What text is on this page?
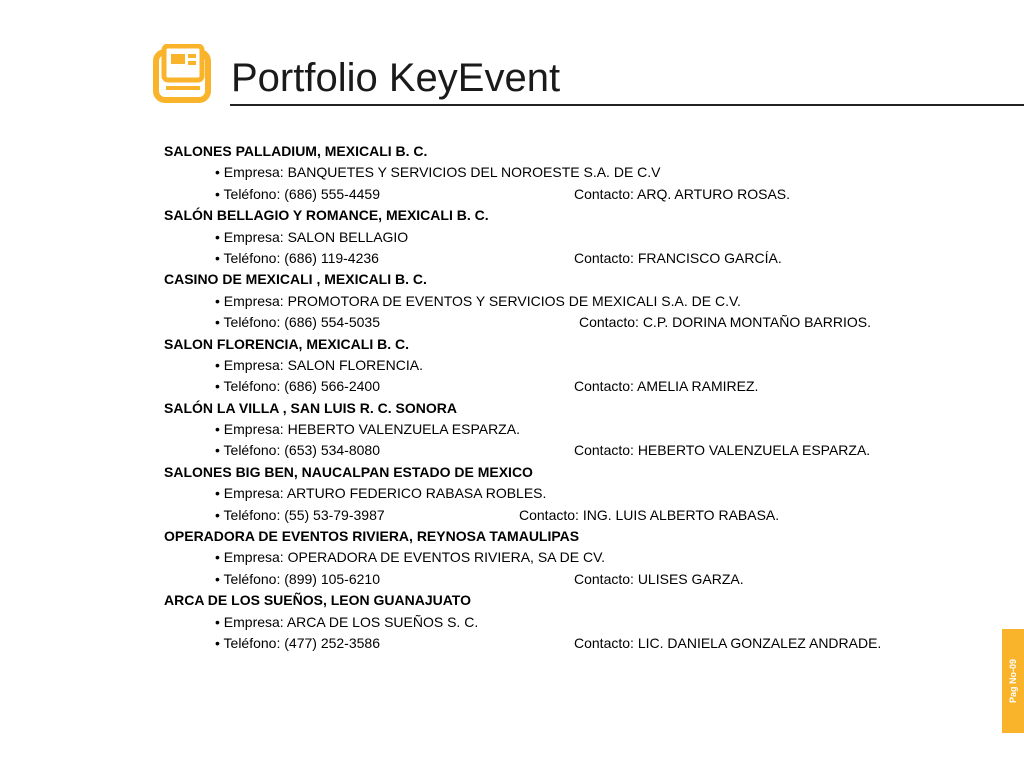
Portfolio KeyEvent
SALONES PALLADIUM, MEXICALI B. C.
• Empresa: BANQUETES Y SERVICIOS DEL NOROESTE S.A. DE C.V
• Teléfono: (686) 555-4459	Contacto: ARQ. ARTURO ROSAS.
SALÓN BELLAGIO Y ROMANCE, MEXICALI B. C.
• Empresa: SALON BELLAGIO
• Teléfono: (686) 119-4236	Contacto: FRANCISCO GARCÍA.
CASINO DE MEXICALI , MEXICALI B. C.
• Empresa: PROMOTORA DE EVENTOS Y SERVICIOS DE MEXICALI S.A. DE C.V.
• Teléfono: (686) 554-5035	Contacto: C.P. DORINA MONTAÑO BARRIOS.
SALON FLORENCIA, MEXICALI B. C.
• Empresa: SALON FLORENCIA.
• Teléfono: (686) 566-2400	Contacto: AMELIA RAMIREZ.
SALÓN LA VILLA , SAN LUIS R. C. SONORA
• Empresa: HEBERTO VALENZUELA ESPARZA.
• Teléfono: (653) 534-8080	Contacto: HEBERTO VALENZUELA ESPARZA.
SALONES BIG BEN, NAUCALPAN ESTADO DE MEXICO
• Empresa: ARTURO FEDERICO RABASA ROBLES.
• Teléfono: (55) 53-79-3987	Contacto: ING. LUIS ALBERTO RABASA.
OPERADORA DE EVENTOS RIVIERA, REYNOSA TAMAULIPAS
• Empresa: OPERADORA DE EVENTOS RIVIERA, SA DE CV.
• Teléfono: (899) 105-6210	Contacto: ULISES GARZA.
ARCA DE LOS SUEÑOS, LEON GUANAJUATO
• Empresa: ARCA DE LOS SUEÑOS S. C.
• Teléfono: (477) 252-3586	Contacto: LIC. DANIELA GONZALEZ ANDRADE.
Pag No-09
